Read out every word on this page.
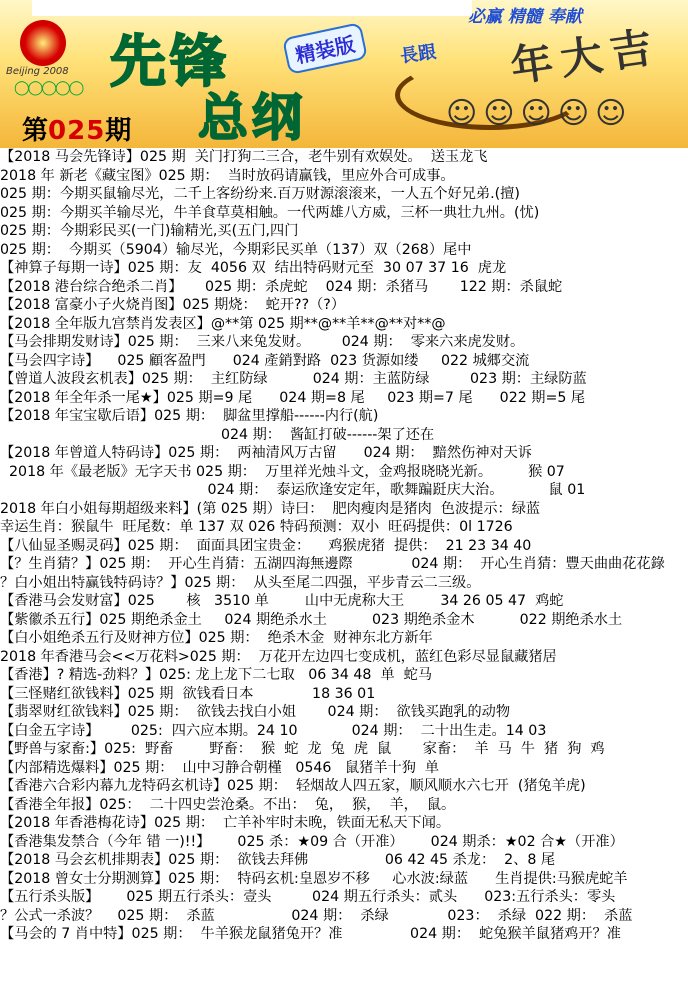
Beijing 2008
◯◯◯◯◯ 先锋	精装版
总纲
必赢 精髓 奉献
長跟 年大吉
☺☺☺☺☺
第025期
【2018 马会先锋诗】025 期  关门打狗二三合，老牛别有欢娱处。  送玉龙飞
2018 年 新老《藏宝图》025 期：  当时放码请赢钱，里应外合可成事。
025 期：今期买鼠输尽光，二千上客纷纷来.百万财源滚滚来，一人五个好兄弟.(擅)
025 期：今期买羊输尽光，牛羊食草莫相触。一代两雄八方威，三杯一典壮九州。(忧)
025 期：今期彩民买(一门)输精光,买(五门,四门
025 期：  今期买（5904）输尽光，今期彩民买单（137）双（268）尾中
【神算子每期一诗】025 期：友  4056 双  结出特码财元至  30 07 37 16  虎龙
【2018 港台综合绝杀二肖】     025 期：杀虎蛇    024 期：杀猪马       122 期：杀鼠蛇
【2018 富豪小子火烧肖图】025 期烧：  蛇开??（?）
【2018 全年版九宫禁肖发表区】@**第 025 期**@**羊**@**对**@
【马会排期发财诗】025 期：  三来八来兔发财。       024 期：  零来六来虎发财。
【马会四字诗】    025 顧客盈門      024 產銷對路  023 货源如缕     022 城郷交流
【曾道人波段玄机表】025 期：  主红防绿          024 期：主蓝防绿         023 期：主绿防蓝
【2018 年全年杀一尾★】025 期=9 尾      024 期=8 尾     023 期=7 尾      022 期=5 尾
【2018 年宝宝歇后语】025 期：  脚盆里撑船------内行(航)
024 期：  酱缸打破------架了还在
【2018 年曾道人特码诗】025 期：  两袖清风万古留      024 期：  黯然伤神对天诉
2018 年《最老版》无字天书 025 期：  万里祥光烛斗文，金鸡报晓晓光新。        猴 07
024 期：  泰运欣逢安定年，歌舞蹁跹庆大治。          鼠 01
2018 年白小姐每期超级来料】(第 025 期）诗曰：  肥肉瘦肉是猪肉  色波提示：绿蓝
幸运生肖：猴鼠牛  旺尾数：单 137 双 026 特码预测：双小  旺码提供：0l 1726
【八仙显圣赐灵码】025 期：  面面具团宝贵金：    鸡猴虎猪  提供：  21 23 34 40
【？生肖猜？】025 期：  开心生肖猜：五湖四海無邊際             024 期：  开心生肖猜：豐天曲曲花花錄
？白小姐出特赢钱特码诗？】025 期：  从头至尾二四强，平步青云二三级。
【香港马会发财富】025       核   3510 单        山中无虎称大王        34 26 05 47  鸡蛇
【紫徽杀五行】025 期绝杀金土     024 期绝杀水土          023 期绝杀金木          022 期绝杀水土
【白小姐绝杀五行及财神方位】025 期：  绝杀木金  财神东北方新年
2018 年香港马会<<万花料>025 期：  万花开左边四七变成机，蓝红色彩尽显鼠藏猪居
【香港】? 精选-劲料？】025: 龙上龙下二七取   06 34 48  单  蛇马
【三怪赌红欲钱料】025 期  欲钱看日本             18 36 01
【翡翠财红欲钱料】025 期：  欲钱去找白小姐       024 期：  欲钱买跑乳的动物
【白金五字诗】       025:  四六应本期。24 10            024 期：  二十出生走。14 03
【野兽与家畜:】025:  野畜        野畜：  猴  蛇  龙  兔  虎  鼠       家畜：  羊  马  牛  猪  狗  鸡
【内部精选爆料】025 期：  山中习静合朝槿   0546   鼠猪羊十狗  单
【香港六合彩内幕九龙特码玄机诗】025 期：  轻烟故人四五家，顺风顺水六七开  (猪兔羊虎)
【香港全年报】025：  二十四史尝沧桑。不出：  兔，  猴，  羊，  鼠。
【2018 年香港梅花诗】025 期：  亡羊补牢时未晚，铁面无私天下闻。
【香港集发禁合（今年 错 一)!!】      025 杀：★09 合（开准）      024 期杀：★02 合★（开准）
【2018 马会玄机排期表】025 期：  欲钱去拜佛                 06 42 45 杀龙：  2、8 尾
【2018 曾女士分期测算】025 期：  特码玄机:皇恩岁不移     心水波:绿蓝      生肖提供:马猴虎蛇羊
【五行杀头版】      025 期五行杀头：壹头         024 期五行杀头：贰头      023:五行杀头：零头
？公式一杀波？    025 期：  杀蓝                 024 期：  杀绿             023：  杀绿  022 期：  杀蓝
【马会的 7 肖中特】025 期：  牛羊猴龙鼠猪兔开？准               024 期：  蛇兔猴羊鼠猪鸡开？准
